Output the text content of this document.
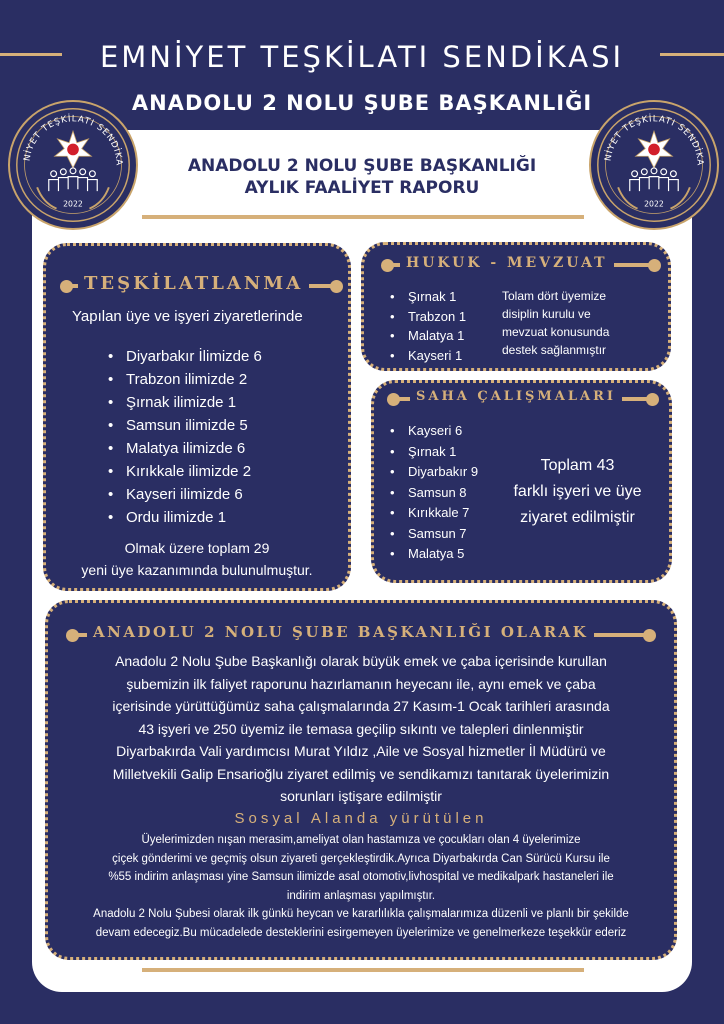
EMNİYET TEŞKİLATI SENDİKASI
ANADOLU 2 NOLU ŞUBE BAŞKANLIĞI
NİYET TEŞKİLATI SENDİKA
2022
NİYET TEŞKİLATI SENDİKA
2022
ANADOLU 2 NOLU ŞUBE BAŞKANLIĞI
AYLIK FAALİYET RAPORU
TEŞKİLATLANMA
Yapılan üye ve işyeri ziyaretlerinde
• Diyarbakır İlimizde 6
• Trabzon ilimizde 2
• Şırnak ilimizde 1
• Samsun ilimizde 5
• Malatya ilimizde 6
• Kırıkkale ilimizde 2
• Kayseri ilimizde 6
• Ordu ilimizde 1
Olmak üzere toplam 29
yeni üye kazanımında bulunulmuştur.
HUKUK - MEVZUAT
• Şırnak 1
• Trabzon 1
• Malatya 1
• Kayseri 1
Tolam dört üyemize
disiplin kurulu ve
mevzuat konusunda
destek sağlanmıştır
SAHA ÇALIŞMALARI
• Kayseri 6
• Şırnak 1
• Diyarbakır 9
• Samsun 8
• Kırıkkale 7
• Samsun 7
• Malatya 5
Toplam 43
farklı işyeri ve üye
ziyaret edilmiştir
ANADOLU 2 NOLU ŞUBE BAŞKANLIĞI OLARAK
Anadolu 2 Nolu Şube Başkanlığı olarak büyük emek ve çaba içerisinde kurullan
şubemizin ilk faliyet raporunu hazırlamanın heyecanı ile, aynı emek ve çaba
içerisinde yürüttüğümüz saha çalışmalarında 27 Kasım-1 Ocak tarihleri arasında
43 işyeri ve 250 üyemiz ile temasa geçilip sıkıntı ve talepleri dinlenmiştir
Diyarbakırda Vali yardımcısı Murat Yıldız ,Aile ve Sosyal hizmetler İl Müdürü ve
Milletvekili Galip Ensarioğlu ziyaret edilmiş ve sendikamızı tanıtarak üyelerimizin
sorunları iştişare edilmiştir
Sosyal Alanda yürütülen
Üyelerimizden nışan merasim,ameliyat olan hastamıza ve çocukları olan 4 üyelerimize
çiçek gönderimi ve geçmiş olsun ziyareti gerçekleştirdik.Ayrıca Diyarbakırda Can Sürücü Kursu ile
%55 indirim anlaşması yine Samsun ilimizde asal otomotiv,livhospital ve medikalpark hastaneleri ile
indirim anlaşması yapılmıştır.
Anadolu 2 Nolu Şubesi olarak ilk günkü heycan ve kararlılıkla çalışmalarımıza düzenli ve planlı bir şekilde
devam edecegiz.Bu mücadelede desteklerini esirgemeyen üyelerimize ve genelmerkeze teşekkür ederiz
